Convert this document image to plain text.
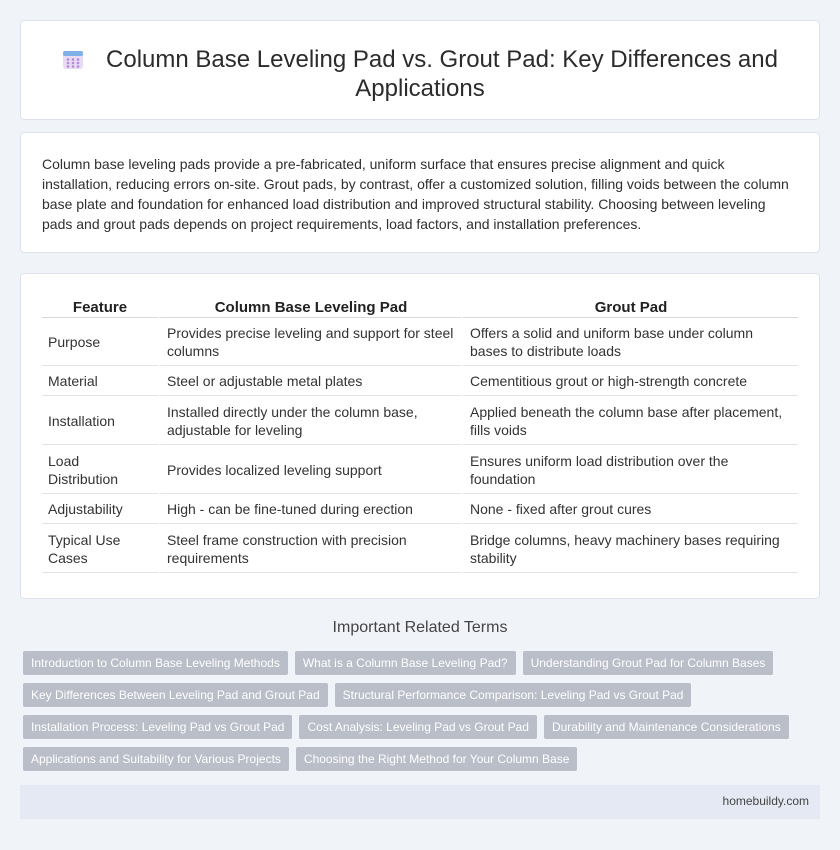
Column Base Leveling Pad vs. Grout Pad: Key Differences and Applications

Column base leveling pads provide a pre-fabricated, uniform surface that ensures precise alignment and quick installation, reducing errors on-site. Grout pads, by contrast, offer a customized solution, filling voids between the column base plate and foundation for enhanced load distribution and improved structural stability. Choosing between leveling pads and grout pads depends on project requirements, load factors, and installation preferences.

Feature	Column Base Leveling Pad	Grout Pad
Purpose	Provides precise leveling and support for steel columns	Offers a solid and uniform base under column bases to distribute loads
Material	Steel or adjustable metal plates	Cementitious grout or high-strength concrete
Installation	Installed directly under the column base, adjustable for leveling	Applied beneath the column base after placement, fills voids
Load Distribution	Provides localized leveling support	Ensures uniform load distribution over the foundation
Adjustability	High - can be fine-tuned during erection	None - fixed after grout cures
Typical Use Cases	Steel frame construction with precision requirements	Bridge columns, heavy machinery bases requiring stability
Important Related Terms
Introduction to Column Base Leveling Methods	What is a Column Base Leveling Pad?	Understanding Grout Pad for Column Bases
Key Differences Between Leveling Pad and Grout Pad	Structural Performance Comparison: Leveling Pad vs Grout Pad
Installation Process: Leveling Pad vs Grout Pad	Cost Analysis: Leveling Pad vs Grout Pad	Durability and Maintenance Considerations
Applications and Suitability for Various Projects	Choosing the Right Method for Your Column Base
homebuildy.com
